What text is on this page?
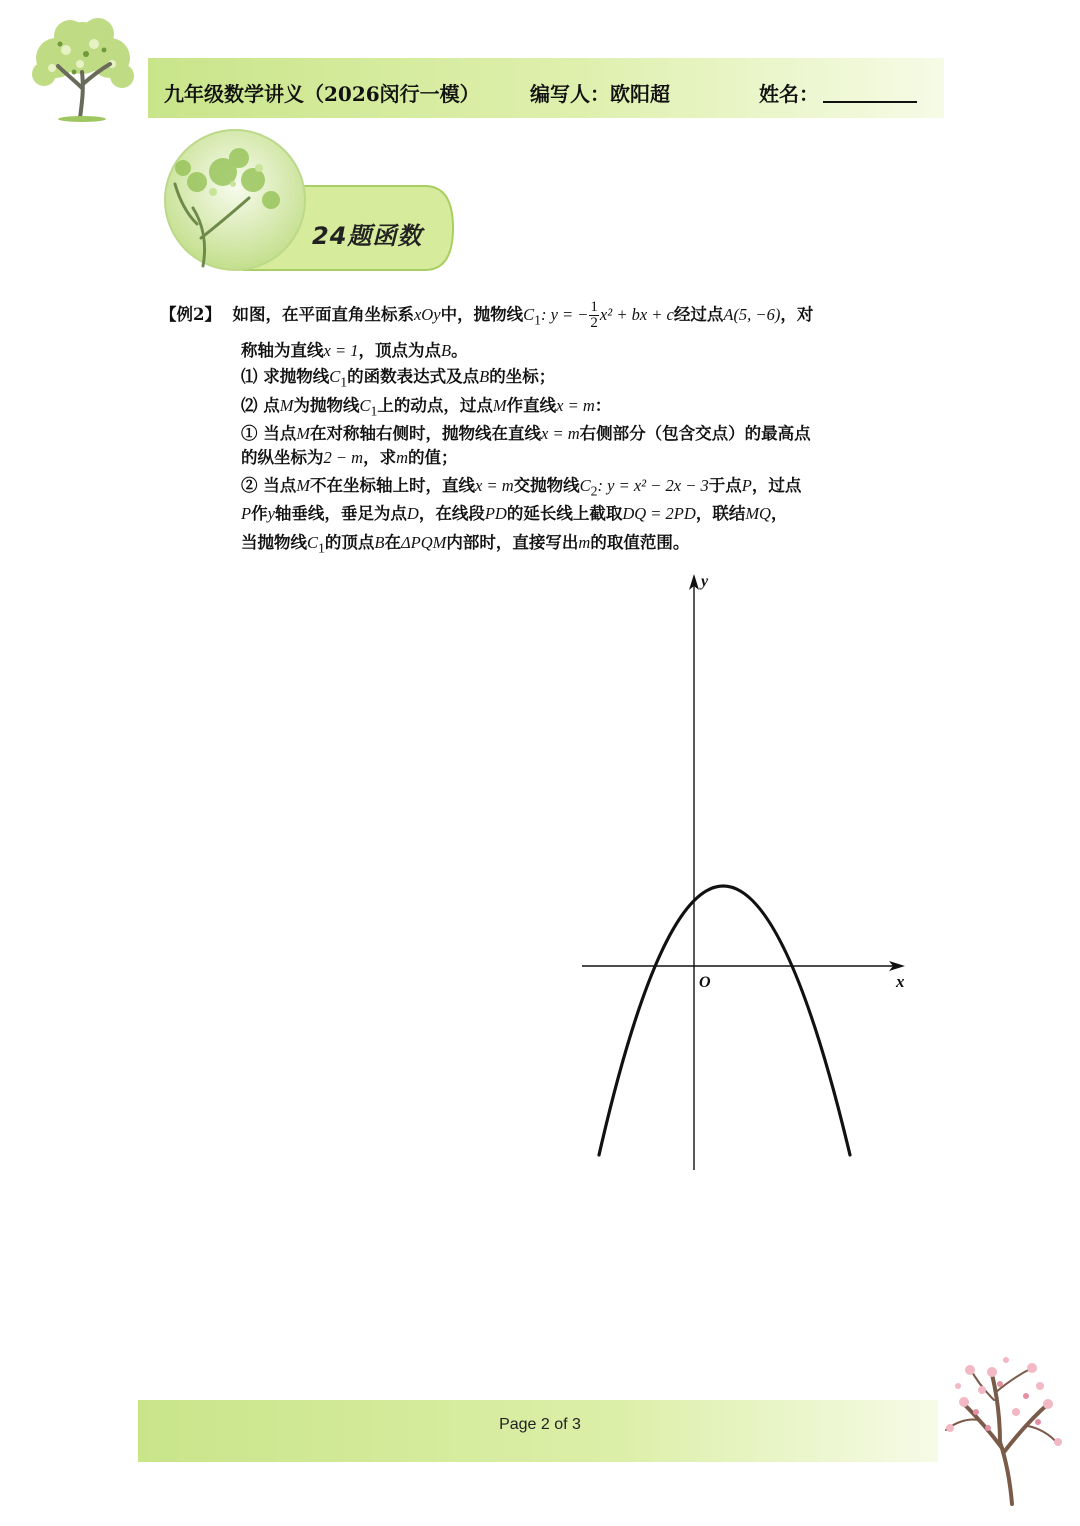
九年级数学讲义（2026闵行一模）	编写人：欧阳超	姓名：
24题函数
【例2】 如图，在平面直角坐标系xOy中，抛物线$C_1$: y = − $\frac{1}{2} x^2$ + bx + c经过点A(5, −6)，对
称轴为直线x = 1，顶点为点B。
⑴ 求抛物线$C_1$的函数表达式及点B的坐标；
⑵ 点M为抛物线$C_1$上的动点，过点M作直线x = m：
① 当点M在对称轴右侧时，抛物线在直线x = m右侧部分（包含交点）的最高点
的纵坐标为2 − m，求m的值；
② 当点M不在坐标轴上时，直线x = m交抛物线$C_2$: y = x² − 2x − 3于点P，过点
P作y轴垂线，垂足为点D，在线段PD的延长线上截取DQ = 2PD，联结MQ，
当抛物线$C_1$的顶点B在ΔPQM内部时，直接写出m的取值范围。
y
x
O
Page 2 of 3
